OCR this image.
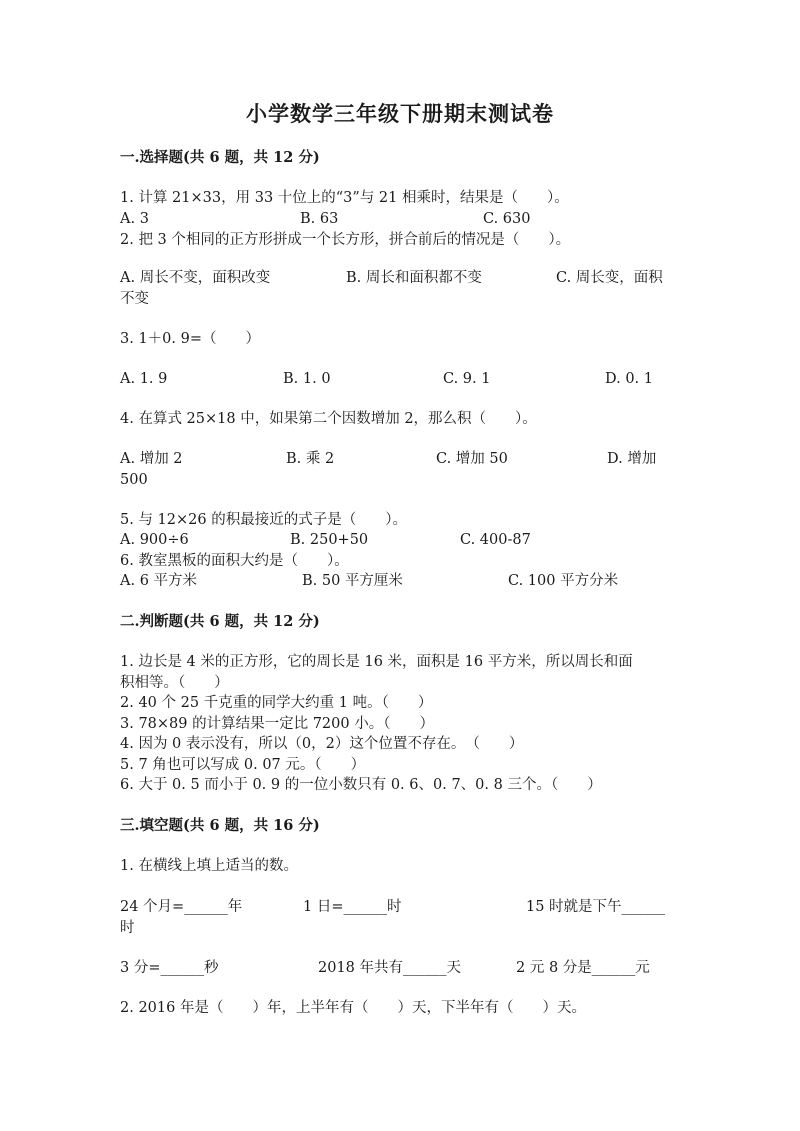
小学数学三年级下册期末测试卷
一.选择题(共 6 题，共 12 分)
1. 计算 21×33，用 33 十位上的“3”与 21 相乘时，结果是（　　）。
A. 3	B. 63	C. 630
2. 把 3 个相同的正方形拼成一个长方形，拼合前后的情况是（　　）。
A. 周长不变，面积改变	B. 周长和面积都不变	C. 周长变，面积
不变
3. 1＋0. 9=（　　）
A. 1. 9	B. 1. 0	C. 9. 1	D. 0. 1
4. 在算式 25×18 中，如果第二个因数增加 2，那么积（　　）。
A. 增加 2	B. 乘 2	C. 增加 50	D. 增加
500
5. 与 12×26 的积最接近的式子是（　　）。
A. 900÷6	B. 250+50	C. 400-87
6. 教室黑板的面积大约是（　　）。
A. 6 平方米	B. 50 平方厘米	C. 100 平方分米
二.判断题(共 6 题，共 12 分)
1. 边长是 4 米的正方形，它的周长是 16 米，面积是 16 平方米，所以周长和面
积相等。（　　）
2. 40 个 25 千克重的同学大约重 1 吨。（　　）
3. 78×89 的计算结果一定比 7200 小。（　　）
4. 因为 0 表示没有，所以（0，2）这个位置不存在。　（　　）
5. 7 角也可以写成 0. 07 元。（　　）
6. 大于 0. 5 而小于 0. 9 的一位小数只有 0. 6、0. 7、0. 8 三个。（　　）
三.填空题(共 6 题，共 16 分)
1. 在横线上填上适当的数。
24 个月=______年	1 日=______时	15 时就是下午______
时
3 分=______秒	2018 年共有______天	2 元 8 分是______元
2. 2016 年是（　　）年，上半年有（　　）天，下半年有（　　）天。
